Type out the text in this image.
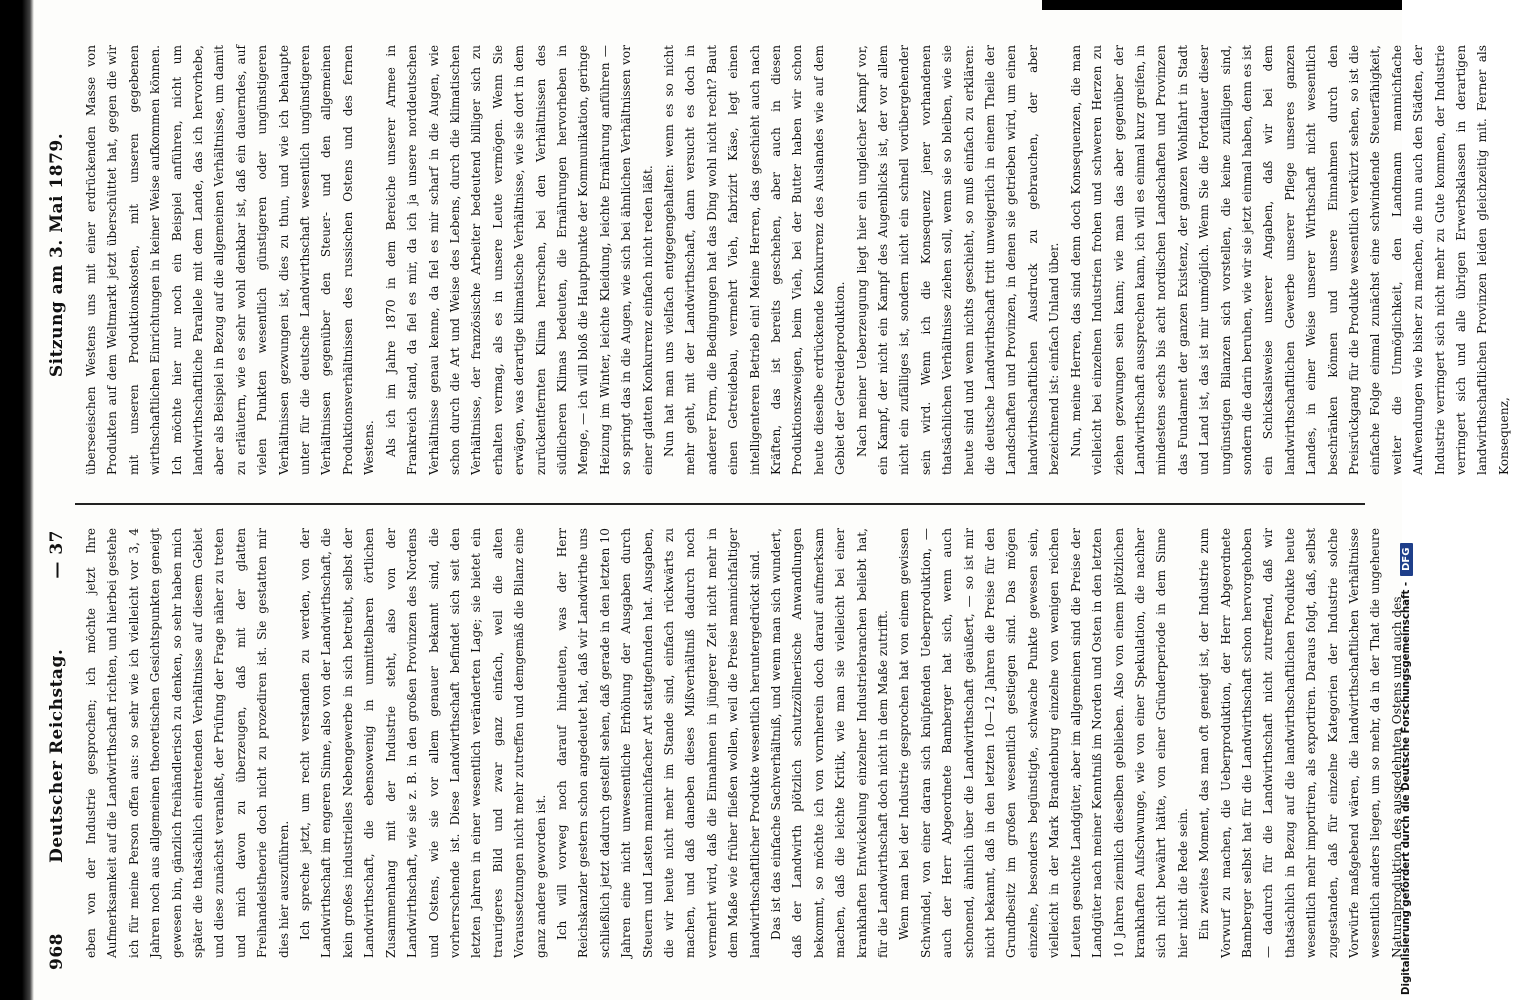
968
Deutscher Reichstag.
— 37
Sitzung am 3. Mai 1879.

eben von der Industrie gesprochen; ich möchte jetzt Ihre Aufmerksamkeit auf die Landwirthschaft richten, und hierbei gestehe ich für meine Person offen aus: so sehr wie ich vielleicht vor 3, 4 Jahren noch aus allgemeinen theoretischen Gesichtspunkten geneigt gewesen bin, gänzlich freihändlerisch zu denken, so sehr haben mich später die thatsächlich eintretenden Verhältnisse auf diesem Gebiet und diese zunächst veranlaßt, der Prüfung der Frage näher zu treten und mich davon zu überzeugen, daß mit der glatten Freihandelstheorie doch nicht zu prozediren ist. Sie gestatten mir dies hier auszuführen. Ich spreche jetzt, um recht verstanden zu werden, von der Landwirthschaft im engeren Sinne, also von der Landwirthschaft, die kein großes industrielles Nebengewerbe in sich betreibt, selbst der Landwirthschaft, die ebensowenig in unmittelbaren örtlichen Zusammenhang mit der Industrie steht, also von der Landwirthschaft, wie sie z. B. in den großen Provinzen des Nordens und Ostens, wie sie vor allem genauer bekannt sind, die vorherrschende ist. Diese Landwirthschaft befindet sich seit den letzten Jahren in einer wesentlich veränderten Lage; sie bietet ein traurigeres Bild und zwar ganz einfach, weil die alten Voraussetzungen nicht mehr zutreffen und demgemäß die Bilanz eine ganz andere geworden ist. Ich will vorweg noch darauf hindeuten, was der Herr Reichskanzler gestern schon angedeutet hat, daß wir Landwirthe uns schließlich jetzt dadurch gestellt sehen, daß gerade in den letzten 10 Jahren eine nicht unwesentliche Erhöhung der Ausgaben durch Steuern und Lasten mannichfacher Art stattgefunden hat. Ausgaben, die wir heute nicht mehr im Stande sind, einfach rückwärts zu machen, und daß daneben dieses Mißverhältniß dadurch noch vermehrt wird, daß die Einnahmen in jüngerer Zeit nicht mehr in dem Maße wie früher fließen wollen, weil die Preise mannichfaltiger landwirthschaftlicher Produkte wesentlich heruntergedrückt sind. Das ist das einfache Sachverhältniß, und wenn man sich wundert, daß der Landwirth plötzlich schutzzöllnerische Anwandlungen bekommt, so möchte ich von vornherein doch darauf aufmerksam machen, daß die leichte Kritik, wie man sie vielleicht bei einer krankhaften Entwickelung einzelner Industriebranchen beliebt hat, für die Landwirthschaft doch nicht in dem Maße zutrifft. Wenn man bei der Industrie gesprochen hat von einem gewissen Schwindel, von einer daran sich knüpfenden Ueberproduktion, — auch der Herr Abgeordnete Bamberger hat sich, wenn auch schonend, ähnlich über die Landwirthschaft geäußert, — so ist mir nicht bekannt, daß in den letzten 10—12 Jahren die Preise für den Grundbesitz im großen wesentlich gestiegen sind. Das mögen einzelne, besonders begünstigte, schwache Punkte gewesen sein, vielleicht in der Mark Brandenburg einzelne von wenigen reichen Leuten gesuchte Landgüter, aber im allgemeinen sind die Preise der Landgüter nach meiner Kenntniß im Norden und Osten in den letzten 10 Jahren ziemlich dieselben geblieben. Also von einem plötzlichen krankhaften Aufschwunge, wie von einer Spekulation, die nachher sich nicht bewährt hätte, von einer Gründerperiode in dem Sinne hier nicht die Rede sein. Ein zweites Moment, das man oft geneigt ist, der Industrie zum Vorwurf zu machen, die Ueberproduktion, der Herr Abgeordnete Bamberger selbst hat für die Landwirthschaft schon hervorgehoben — dadurch für die Landwirthschaft nicht zutreffend, daß wir thatsächlich in Bezug auf die landwirthschaftlichen Produkte heute wesentlich mehr importiren, als exportiren. Daraus folgt, daß, selbst zugestanden, daß für einzelne Kategorien der Industrie solche Vorwürfe maßgebend wären, die landwirthschaftlichen Verhältnisse wesentlich anders liegen, um so mehr, da in der That die ungeheure Naturalproduktion des ausgedehnten Ostens und auch des

überseeischen Westens uns mit einer erdrückenden Masse von Produkten auf dem Weltmarkt jetzt überschüttet hat, gegen die wir mit unseren Produktionskosten, mit unseren gegebenen wirthschaftlichen Einrichtungen in keiner Weise aufkommen können. Ich möchte hier nur noch ein Beispiel anführen, nicht um landwirthschaftliche Parallele mit dem Lande, das ich hervorhebe, aber als Beispiel in Bezug auf die allgemeinen Verhältnisse, um damit zu erläutern, wie es sehr wohl denkbar ist, daß ein dauerndes, auf vielen Punkten wesentlich günstigeren oder ungünstigeren Verhältnissen gezwungen ist, dies zu thun, und wie ich behaupte unter für die deutsche Landwirthschaft wesentlich ungünstigeren Verhältnissen gegenüber den Steuer- und den allgemeinen Produktionsverhältnissen des russischen Ostens und des fernen Westens. Als ich im Jahre 1870 in dem Bereiche unserer Armee in Frankreich stand, da fiel es mir, da ich ja unsere norddeutschen Verhältnisse genau kenne, da fiel es mir scharf in die Augen, wie schon durch die Art und Weise des Lebens, durch die klimatischen Verhältnisse, der französische Arbeiter bedeutend billiger sich zu erhalten vermag, als es in unsere Leute vermögen. Wenn Sie erwägen, was derartige klimatische Verhältnisse, wie sie dort in dem zurückentfernten Klima herrschen, bei den Verhältnissen des südlicheren Klimas bedeuten, die Ernährungen hervorheben in Menge, — ich will bloß die Hauptpunkte der Kommunikation, geringe Heizung im Winter, leichte Kleidung, leichte Ernährung anführen — so springt das in die Augen, wie sich bei ähnlichen Verhältnissen vor einer glatten Konkurrenz einfach nicht reden läßt. Nun hat man uns vielfach entgegengehalten: wenn es so nicht mehr geht, mit der Landwirthschaft, dann versucht es doch in anderer Form, die Bedingungen hat das Ding wohl nicht recht? Baut einen Getreidebau, vermehrt Vieh, fabrizirt Käse, legt einen intelligenteren Betrieb ein! Meine Herren, das geschieht auch nach Kräften, das ist bereits geschehen, aber auch in diesen Produktionszweigen, beim Vieh, bei der Butter haben wir schon heute dieselbe erdrückende Konkurrenz des Auslandes wie auf dem Gebiet der Getreideproduktion. Nach meiner Ueberzeugung liegt hier ein ungleicher Kampf vor, ein Kampf, der nicht ein Kampf des Augenblicks ist, der vor allem nicht ein zufälliges ist, sondern nicht ein schnell vorübergehender sein wird. Wenn ich die Konsequenz jener vorhandenen thatsächlichen Verhältnisse ziehen soll, wenn sie so bleiben, wie sie heute sind und wenn nichts geschieht, so muß einfach zu erklären: die deutsche Landwirthschaft tritt unweigerlich in einem Theile der Landschaften und Provinzen, in denen sie getrieben wird, um einen landwirthschaftlichen Ausdruck zu gebrauchen, der aber bezeichnend ist: einfach Unland über. Nun, meine Herren, das sind denn doch Konsequenzen, die man vielleicht bei einzelnen Industrien frohen und schweren Herzen zu ziehen gezwungen sein kann; wie man das aber gegenüber der Landwirthschaft aussprechen kann, ich will es einmal kurz greifen, in mindestens sechs bis acht nordischen Landschaften und Provinzen das Fundament der ganzen Existenz, der ganzen Wohlfahrt in Stadt und Land ist, das ist mir unmöglich. Wenn Sie die Fortdauer dieser ungünstigen Bilanzen sich vorstellen, die keine zufälligen sind, sondern die darin beruhen, wie wir sie jetzt einmal haben, denn es ist ein Schicksalsweise unserer Angaben, daß wir bei dem landwirthschaftlichen Gewerbe unserer Pflege unseres ganzen Landes, in einer Weise unserer Wirthschaft nicht wesentlich beschränken können und unsere Einnahmen durch den Preisrückgang für die Produkte wesentlich verkürzt sehen, so ist die einfache Folge einmal zunächst eine schwindende Steuerfähigkeit, weiter die Unmöglichkeit, den Landmann mannichfache Aufwendungen wie bisher zu machen, die nun auch den Städten, der Industrie verringert sich nicht mehr zu Gute kommen, der Industrie verringert sich und alle übrigen Erwerbsklassen in derartigen landwirthschaftlichen Provinzen leiden gleichzeitig mit. Ferner als Konsequenz,

Digitalisierung gefördert durch die Deutsche Forschungsgemeinschaft -
DFG
